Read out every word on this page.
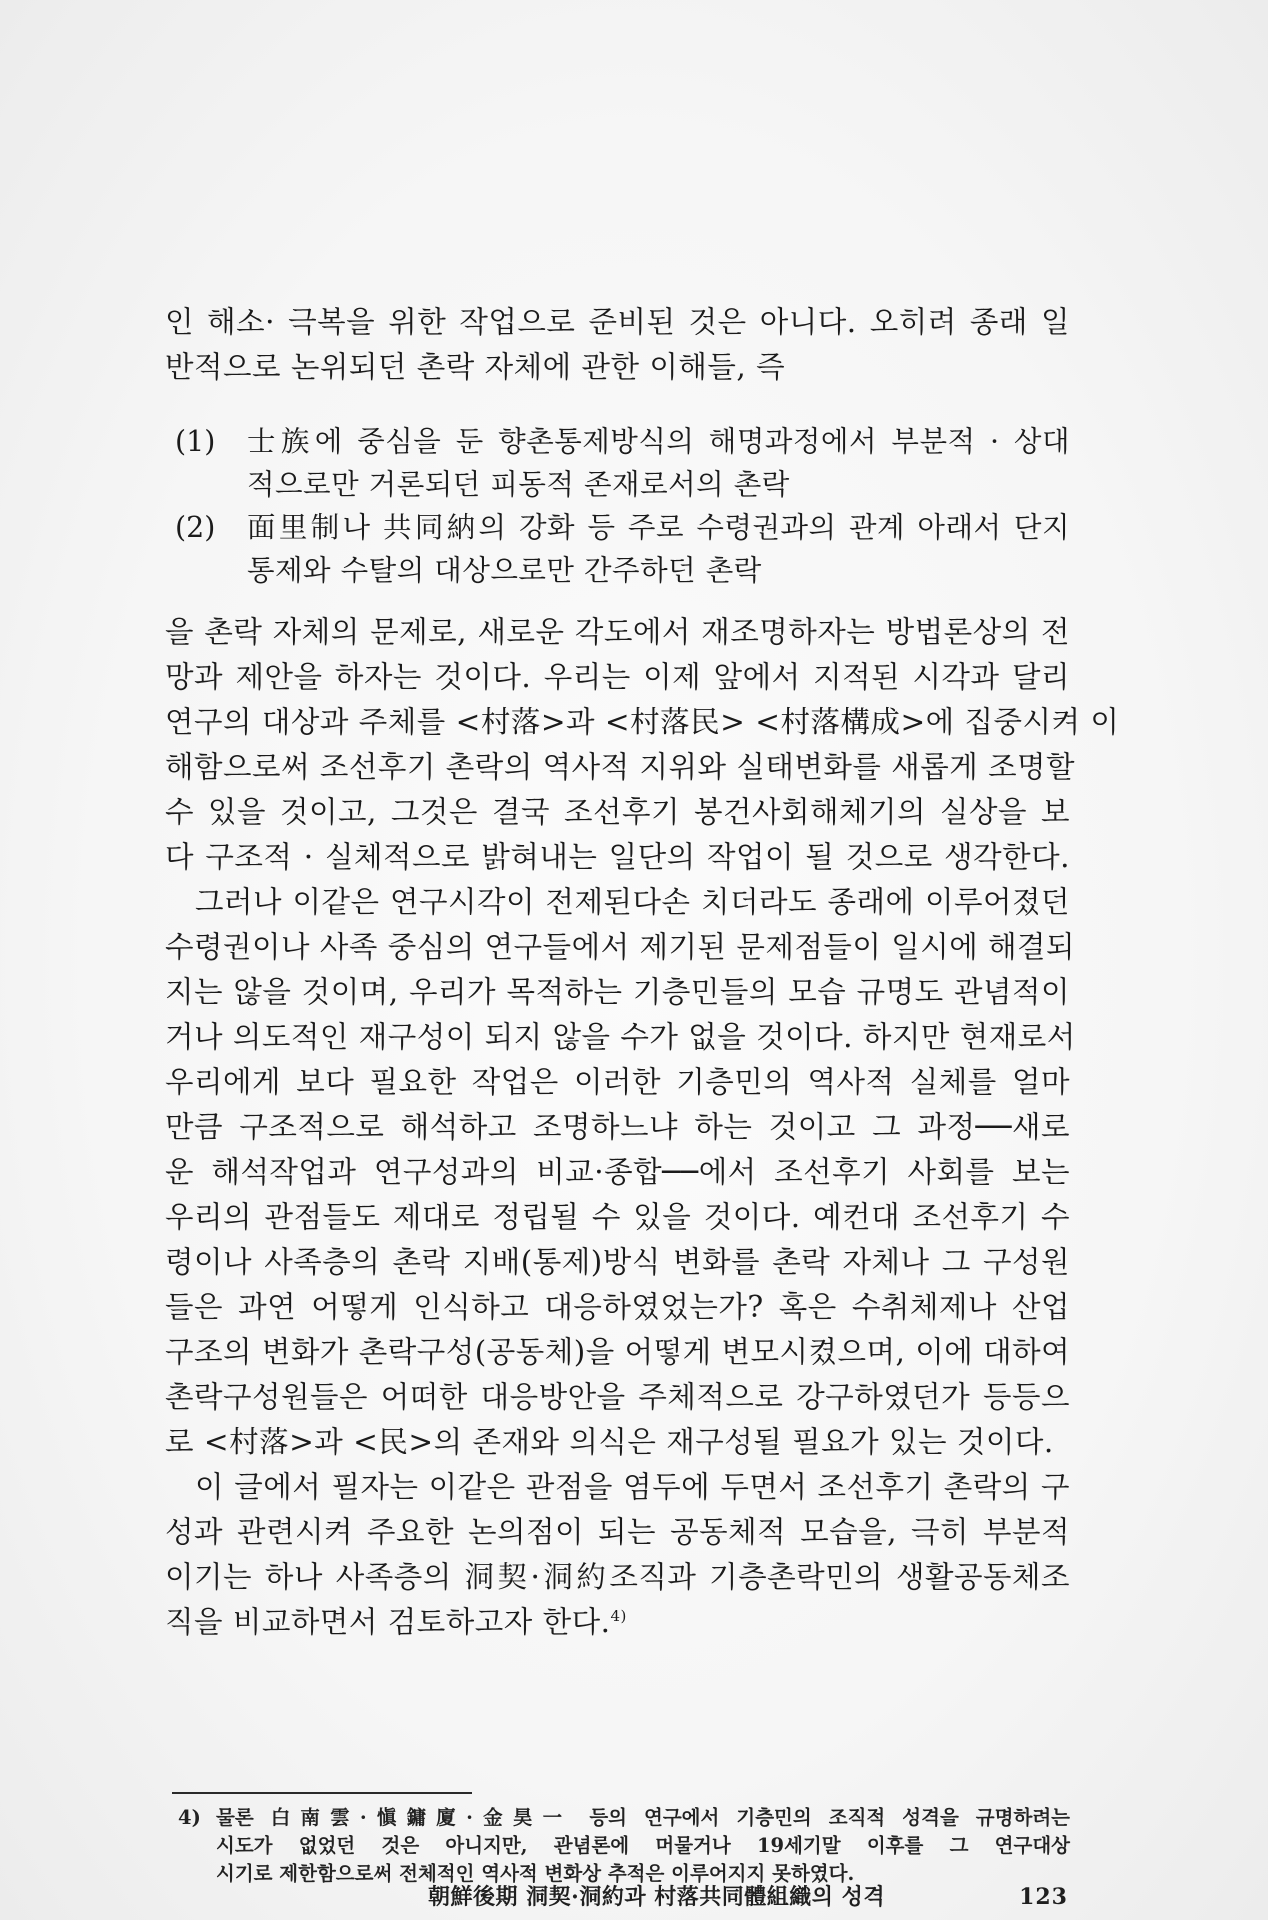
인 해소· 극복을 위한 작업으로 준비된 것은 아니다. 오히려 종래 일
반적으로 논위되던 촌락 자체에 관한 이해들, 즉
(1) 士族에 중심을 둔 향촌통제방식의 해명과정에서 부분적 · 상대
적으로만 거론되던 피동적 존재로서의 촌락
(2) 面里制나 共同納의 강화 등 주로 수령권과의 관계 아래서 단지
통제와 수탈의 대상으로만 간주하던 촌락
을 촌락 자체의 문제로, 새로운 각도에서 재조명하자는 방법론상의 전
망과 제안을 하자는 것이다. 우리는 이제 앞에서 지적된 시각과 달리
연구의 대상과 주체를 <村落>과 <村落民> <村落構成>에 집중시켜 이
해함으로써 조선후기 촌락의 역사적 지위와 실태변화를 새롭게 조명할
수 있을 것이고, 그것은 결국 조선후기 봉건사회해체기의 실상을 보
다 구조적 · 실체적으로 밝혀내는 일단의 작업이 될 것으로 생각한다.
그러나 이같은 연구시각이 전제된다손 치더라도 종래에 이루어졌던
수령권이나 사족 중심의 연구들에서 제기된 문제점들이 일시에 해결되
지는 않을 것이며, 우리가 목적하는 기층민들의 모습 규명도 관념적이
거나 의도적인 재구성이 되지 않을 수가 없을 것이다. 하지만 현재로서
우리에게 보다 필요한 작업은 이러한 기층민의 역사적 실체를 얼마
만큼 구조적으로 해석하고 조명하느냐 하는 것이고 그 과정──새로
운 해석작업과 연구성과의 비교·종합──에서 조선후기 사회를 보는
우리의 관점들도 제대로 정립될 수 있을 것이다. 예컨대 조선후기 수
령이나 사족층의 촌락 지배(통제)방식 변화를 촌락 자체나 그 구성원
들은 과연 어떻게 인식하고 대응하였었는가? 혹은 수취체제나 산업
구조의 변화가 촌락구성(공동체)을 어떻게 변모시켰으며, 이에 대하여
촌락구성원들은 어떠한 대응방안을 주체적으로 강구하였던가 등등으
로 <村落>과 <民>의 존재와 의식은 재구성될 필요가 있는 것이다.
이 글에서 필자는 이같은 관점을 염두에 두면서 조선후기 촌락의 구
성과 관련시켜 주요한 논의점이 되는 공동체적 모습을, 극히 부분적
이기는 하나 사족층의 洞契·洞約조직과 기층촌락민의 생활공동체조
직을 비교하면서 검토하고자 한다.$^{4)}$
4) 물론 白南雲·愼鏞廈·金昊一 등의 연구에서 기층민의 조직적 성격을 규명하려는
시도가 없었던 것은 아니지만, 관념론에 머물거나 19세기말 이후를 그 연구대상
시기로 제한함으로써 전체적인 역사적 변화상 추적은 이루어지지 못하였다.
朝鮮後期 洞契·洞約과 村落共同體組織의 성격	123
